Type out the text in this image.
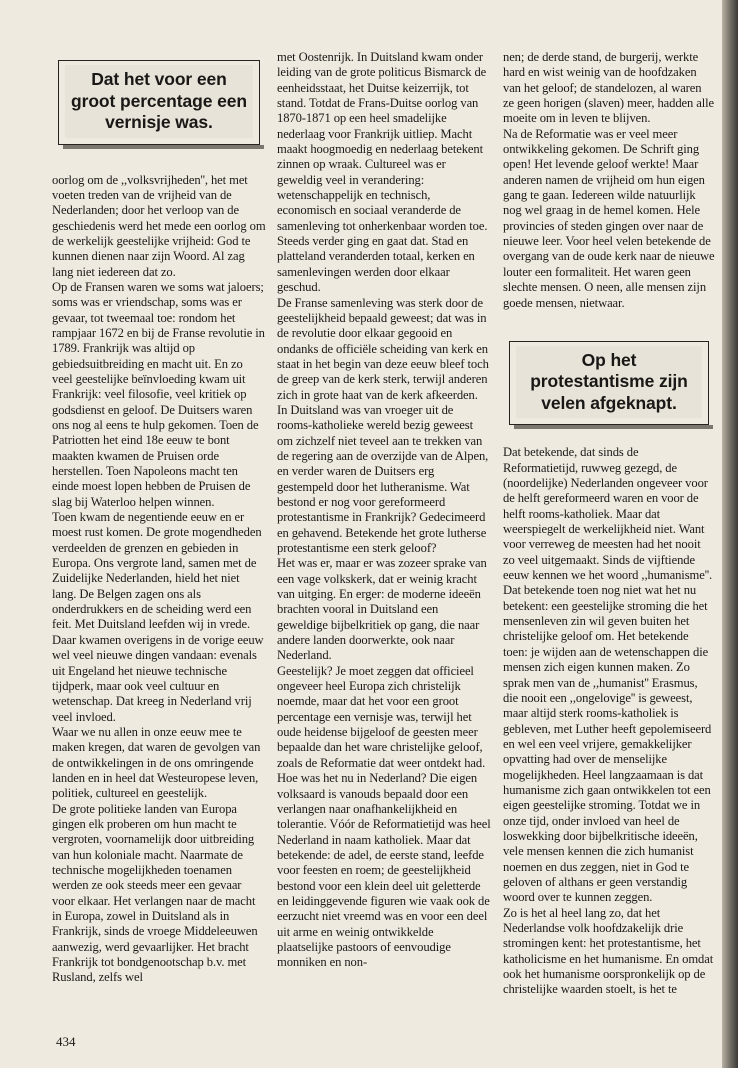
Dat het voor een groot percentage een vernisje was.

oorlog om de ,,volksvrijheden'', het met voeten treden van de vrijheid van de Nederlanden; door het verloop van de geschiedenis werd het mede een oorlog om de werkelijk geestelijke vrijheid: God te kunnen dienen naar zijn Woord. Al zag lang niet iedereen dat zo.

Op de Fransen waren we soms wat jaloers; soms was er vriendschap, soms was er gevaar, tot tweemaal toe: rondom het rampjaar 1672 en bij de Franse revolutie in 1789. Frankrijk was altijd op gebiedsuitbreiding en macht uit. En zo veel geestelijke beïnvloeding kwam uit Frankrijk: veel filosofie, veel kritiek op godsdienst en geloof. De Duitsers waren ons nog al eens te hulp gekomen. Toen de Patriotten het eind 18e eeuw te bont maakten kwamen de Pruisen orde herstellen. Toen Napoleons macht ten einde moest lopen hebben de Pruisen de slag bij Waterloo helpen winnen.

Toen kwam de negentiende eeuw en er moest rust komen. De grote mogendheden verdeelden de grenzen en gebieden in Europa. Ons vergrote land, samen met de Zuidelijke Nederlanden, hield het niet lang. De Belgen zagen ons als onderdrukkers en de scheiding werd een feit. Met Duitsland leefden wij in vrede. Daar kwamen overigens in de vorige eeuw wel veel nieuwe dingen vandaan: evenals uit Engeland het nieuwe technische tijdperk, maar ook veel cultuur en wetenschap. Dat kreeg in Nederland vrij veel invloed.

Waar we nu allen in onze eeuw mee te maken kregen, dat waren de gevolgen van de ontwikkelingen in de ons omringende landen en in heel dat Westeuropese leven, politiek, cultureel en geestelijk.

De grote politieke landen van Europa gingen elk proberen om hun macht te vergroten, voornamelijk door uitbreiding van hun koloniale macht. Naarmate de technische mogelijkheden toenamen werden ze ook steeds meer een gevaar voor elkaar. Het verlangen naar de macht in Europa, zowel in Duitsland als in Frankrijk, sinds de vroege Middeleeuwen aanwezig, werd gevaarlijker. Het bracht Frankrijk tot bondgenootschap b.v. met Rusland, zelfs wel

met Oostenrijk. In Duitsland kwam onder leiding van de grote politicus Bismarck de eenheidsstaat, het Duitse keizerrijk, tot stand. Totdat de Frans-Duitse oorlog van 1870-1871 op een heel smadelijke nederlaag voor Frankrijk uitliep. Macht maakt hoogmoedig en nederlaag betekent zinnen op wraak. Cultureel was er geweldig veel in verandering: wetenschappelijk en technisch, economisch en sociaal veranderde de samenleving tot onherkenbaar worden toe. Steeds verder ging en gaat dat. Stad en platteland veranderden totaal, kerken en samenlevingen werden door elkaar geschud.

De Franse samenleving was sterk door de geestelijkheid bepaald geweest; dat was in de revolutie door elkaar gegooid en ondanks de officiële scheiding van kerk en staat in het begin van deze eeuw bleef toch de greep van de kerk sterk, terwijl anderen zich in grote haat van de kerk afkeerden.

In Duitsland was van vroeger uit de rooms-katholieke wereld bezig geweest om zichzelf niet teveel aan te trekken van de regering aan de overzijde van de Alpen, en verder waren de Duitsers erg gestempeld door het lutheranisme. Wat bestond er nog voor gereformeerd protestantisme in Frankrijk? Gedecimeerd en gehavend. Betekende het grote lutherse protestantisme een sterk geloof?

Het was er, maar er was zozeer sprake van een vage volkskerk, dat er weinig kracht van uitging. En erger: de moderne ideeën brachten vooral in Duitsland een geweldige bijbelkritiek op gang, die naar andere landen doorwerkte, ook naar Nederland.

Geestelijk? Je moet zeggen dat officieel ongeveer heel Europa zich christelijk noemde, maar dat het voor een groot percentage een vernisje was, terwijl het oude heidense bijgeloof de geesten meer bepaalde dan het ware christelijke geloof, zoals de Reformatie dat weer ontdekt had.

Hoe was het nu in Nederland? Die eigen volksaard is vanouds bepaald door een verlangen naar onafhankelijkheid en tolerantie. Vóór de Reformatietijd was heel Nederland in naam katholiek. Maar dat betekende: de adel, de eerste stand, leefde voor feesten en roem; de geestelijkheid bestond voor een klein deel uit geletterde en leidinggevende figuren wie vaak ook de eerzucht niet vreemd was en voor een deel uit arme en weinig ontwikkelde plaatselijke pastoors of eenvoudige monniken en non-

nen; de derde stand, de burgerij, werkte hard en wist weinig van de hoofdzaken van het geloof; de standelozen, al waren ze geen horigen (slaven) meer, hadden alle moeite om in leven te blijven.

Na de Reformatie was er veel meer ontwikkeling gekomen. De Schrift ging open! Het levende geloof werkte! Maar anderen namen de vrijheid om hun eigen gang te gaan. Iedereen wilde natuurlijk nog wel graag in de hemel komen. Hele provincies of steden gingen over naar de nieuwe leer. Voor heel velen betekende de overgang van de oude kerk naar de nieuwe louter een formaliteit. Het waren geen slechte mensen. O neen, alle mensen zijn goede mensen, nietwaar.

Op het protestantisme zijn velen afgeknapt.

Dat betekende, dat sinds de Reformatietijd, ruwweg gezegd, de (noordelijke) Nederlanden ongeveer voor de helft gereformeerd waren en voor de helft rooms-katholiek. Maar dat weerspiegelt de werkelijkheid niet. Want voor verreweg de meesten had het nooit zo veel uitgemaakt. Sinds de vijftiende eeuw kennen we het woord ,,humanisme''. Dat betekende toen nog niet wat het nu betekent: een geestelijke stroming die het mensenleven zin wil geven buiten het christelijke geloof om. Het betekende toen: je wijden aan de wetenschappen die mensen zich eigen kunnen maken. Zo sprak men van de ,,humanist'' Erasmus, die nooit een ,,ongelovige'' is geweest, maar altijd sterk rooms-katholiek is gebleven, met Luther heeft gepolemiseerd en wel een veel vrijere, gemakkelijker opvatting had over de menselijke mogelijkheden. Heel langzaamaan is dat humanisme zich gaan ontwikkelen tot een eigen geestelijke stroming. Totdat we in onze tijd, onder invloed van heel de loswekking door bijbelkritische ideeën, vele mensen kennen die zich humanist noemen en dus zeggen, niet in God te geloven of althans er geen verstandig woord over te kunnen zeggen.

Zo is het al heel lang zo, dat het Nederlandse volk hoofdzakelijk drie stromingen kent: het protestantisme, het katholicisme en het humanisme. En omdat ook het humanisme oorspronkelijk op de christelijke waarden stoelt, is het te

434
